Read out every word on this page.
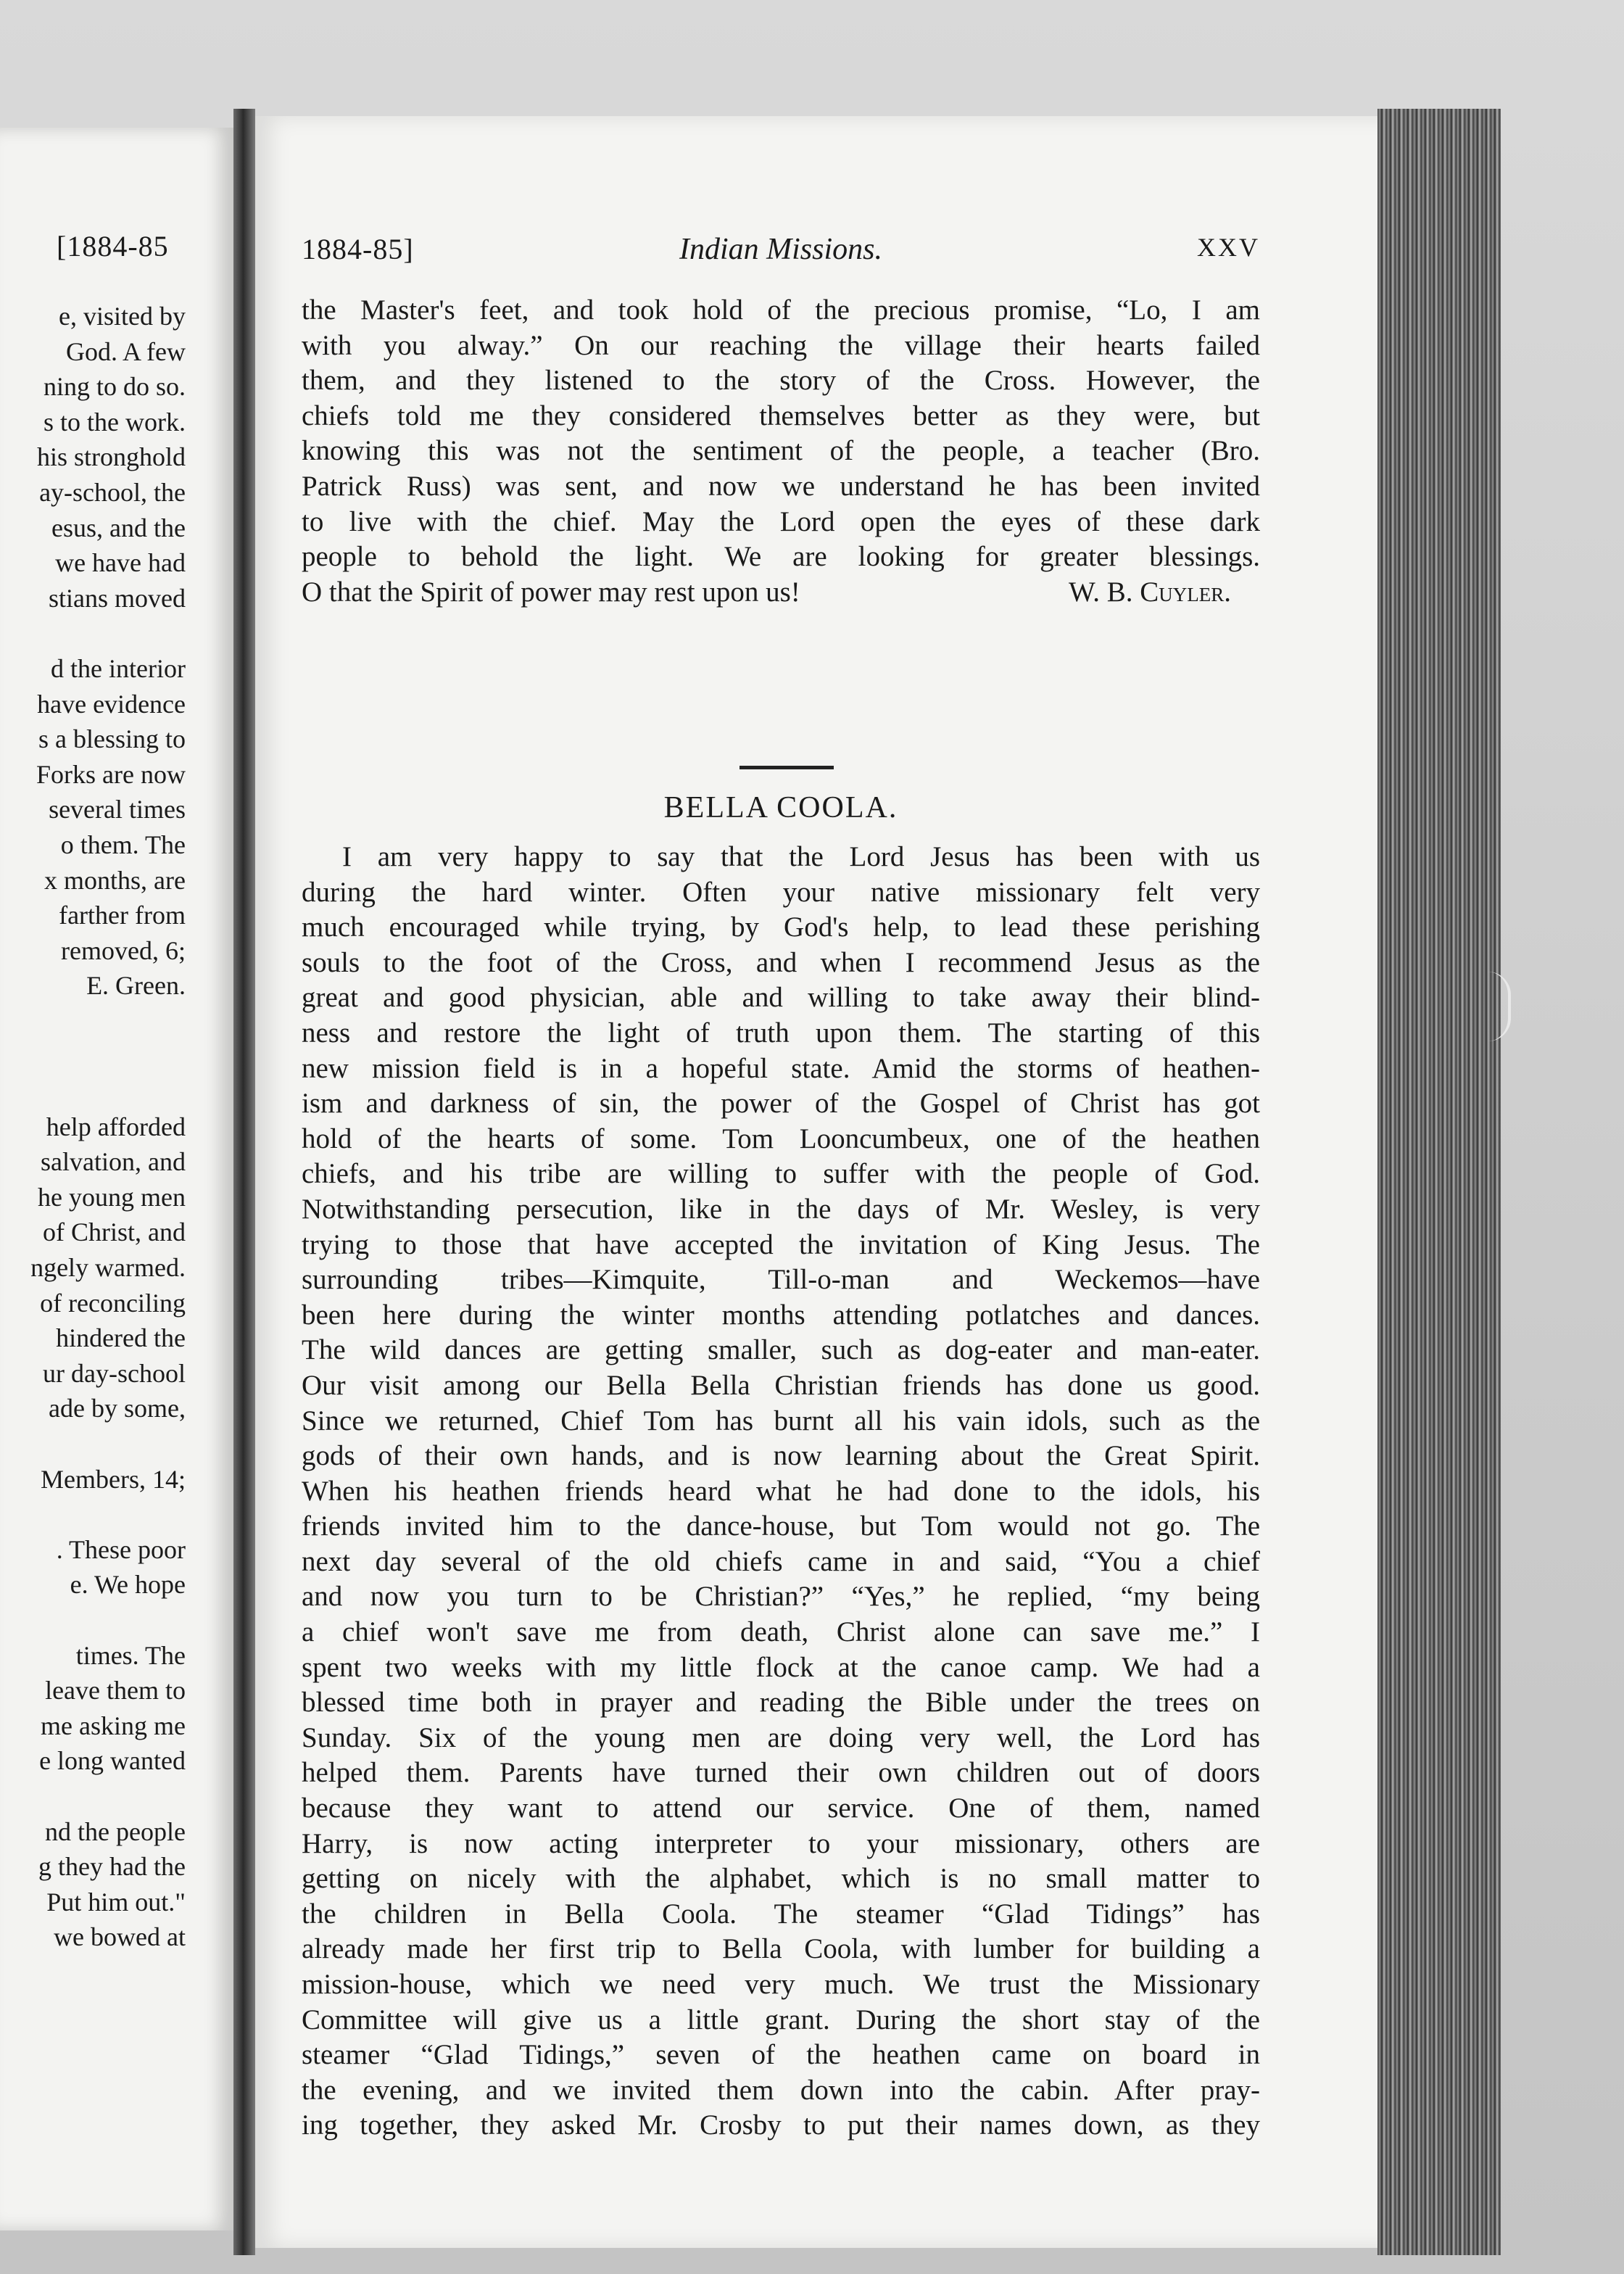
[1884-85
e, visited by
God. A few
ning to do so.
s to the work.
his stronghold
ay-school, the
esus, and the
we have had
stians moved
d the interior
have evidence
s a blessing to
Forks are now
several times
o them. The
x months, are
farther from
removed, 6;
E. Green.
help afforded
salvation, and
he young men
of Christ, and
ngely warmed.
of reconciling
hindered the
ur day-school
ade by some,
Members, 14;
. These poor
e. We hope
times. The
leave them to
me asking me
e long wanted
nd the people
g they had the
Put him out."
we bowed at
1884-85]	Indian Missions.	XXV
the Master's feet, and took hold of the precious promise, “Lo, I am
with you alway.” On our reaching the village their hearts failed
them, and they listened to the story of the Cross. However, the
chiefs told me they considered themselves better as they were, but
knowing this was not the sentiment of the people, a teacher (Bro.
Patrick Russ) was sent, and now we understand he has been invited
to live with the chief. May the Lord open the eyes of these dark
people to behold the light. We are looking for greater blessings.
O that the Spirit of power may rest upon us!	W. B. Cuyler.
BELLA COOLA.
I am very happy to say that the Lord Jesus has been with us
during the hard winter. Often your native missionary felt very
much encouraged while trying, by God's help, to lead these perishing
souls to the foot of the Cross, and when I recommend Jesus as the
great and good physician, able and willing to take away their blind-
ness and restore the light of truth upon them. The starting of this
new mission field is in a hopeful state. Amid the storms of heathen-
ism and darkness of sin, the power of the Gospel of Christ has got
hold of the hearts of some. Tom Looncumbeux, one of the heathen
chiefs, and his tribe are willing to suffer with the people of God.
Notwithstanding persecution, like in the days of Mr. Wesley, is very
trying to those that have accepted the invitation of King Jesus. The
surrounding tribes—Kimquite, Till-o-man and Weckemos—have
been here during the winter months attending potlatches and dances.
The wild dances are getting smaller, such as dog-eater and man-eater.
Our visit among our Bella Bella Christian friends has done us good.
Since we returned, Chief Tom has burnt all his vain idols, such as the
gods of their own hands, and is now learning about the Great Spirit.
When his heathen friends heard what he had done to the idols, his
friends invited him to the dance-house, but Tom would not go. The
next day several of the old chiefs came in and said, “You a chief
and now you turn to be Christian?” “Yes,” he replied, “my being
a chief won't save me from death, Christ alone can save me.” I
spent two weeks with my little flock at the canoe camp. We had a
blessed time both in prayer and reading the Bible under the trees on
Sunday. Six of the young men are doing very well, the Lord has
helped them. Parents have turned their own children out of doors
because they want to attend our service. One of them, named
Harry, is now acting interpreter to your missionary, others are
getting on nicely with the alphabet, which is no small matter to
the children in Bella Coola. The steamer “Glad Tidings” has
already made her first trip to Bella Coola, with lumber for building a
mission-house, which we need very much. We trust the Missionary
Committee will give us a little grant. During the short stay of the
steamer “Glad Tidings,” seven of the heathen came on board in
the evening, and we invited them down into the cabin. After pray-
ing together, they asked Mr. Crosby to put their names down, as they
